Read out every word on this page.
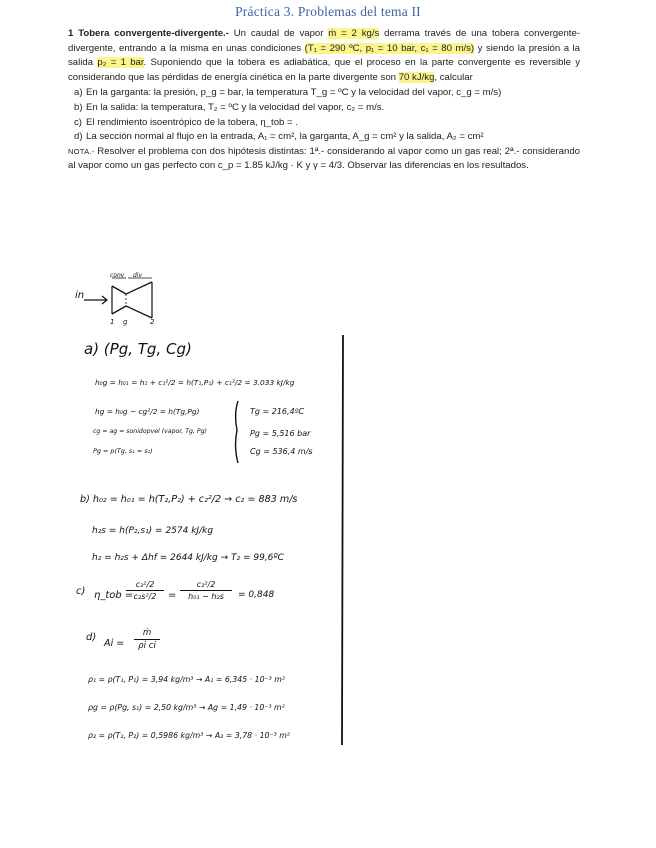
Práctica 3. Problemas del tema II

1 Tobera convergente-divergente.- Un caudal de vapor ṁ = 2 kg/s derrama través de una tobera convergente-divergente, entrando a la misma en unas condiciones (T₁ = 290 ºC, p₁ = 10 bar, c₁ = 80 m/s) y siendo la presión a la salida p₂ = 1 bar. Suponiendo que la tobera es adiabática, que el proceso en la parte convergente es reversible y considerando que las pérdidas de energía cinética en la parte divergente son 70 kJ/kg, calcular

a) En la garganta: la presión, p_g = bar, la temperatura T_g = ºC y la velocidad del vapor, c_g = m/s)
b) En la salida: la temperatura, T₂ = ºC y la velocidad del vapor, c₂ = m/s.
c) El rendimiento isoentrópico de la tobera, η_tob = .
d) La sección normal al flujo en la entrada, A₁ = cm², la garganta, A_g = cm² y la salida, A₂ = cm²

NOTA.- Resolver el problema con dos hipótesis distintas: 1ª.- considerando al vapor como un gas real; 2ª.- considerando al vapor como un gas perfecto con c_p = 1.85 kJ/kg · K y γ = 4/3. Observar las diferencias en los resultados.

in
conv div
1 g	2
a) (Pg, Tg, Cg)
h₀g = h₀₁ = h₁ + c₁²/2 = h(T₁,P₁) + c₁²/2 = 3.033 kJ/kg
hg = h₀g − cg²/2 = h(Tg,Pg)
cg = ag = sonidopvel (vapor, Tg, Pg)
Pg = p(Tg, s₁ = s₂)
Tg = 216,4ºC
Pg = 5,516 bar
Cg = 536,4 m/s
b) h₀₂ = h₀₁ = h(T₂,P₂) + c₂²/2 → c₂ = 883 m/s
h₂s = h(P₂,s₁) = 2574 kJ/kg
h₂ = h₂s + Δhf = 2644 kJ/kg → T₂ = 99,6ºC
c) η_tob =
$\frac{\text{c₂²/2}}{\text{c₂s²/2}} = \frac{\text{c₂²/2}}{\text{h₀₁ − h₂s}} = 0,848$
d)
$Ai = \frac{\text{ṁ}}{\text{ρi ci}}$
ρ₁ = ρ(T₁, P₁) = 3,94 kg/m³ → A₁ = 6,345 · 10⁻³ m²
ρg = ρ(Pg, s₁) = 2,50 kg/m³ → Ag = 1,49 · 10⁻³ m²
ρ₂ = ρ(T₂, P₂) = 0,5986 kg/m³ → A₂ = 3,78 · 10⁻³ m²
